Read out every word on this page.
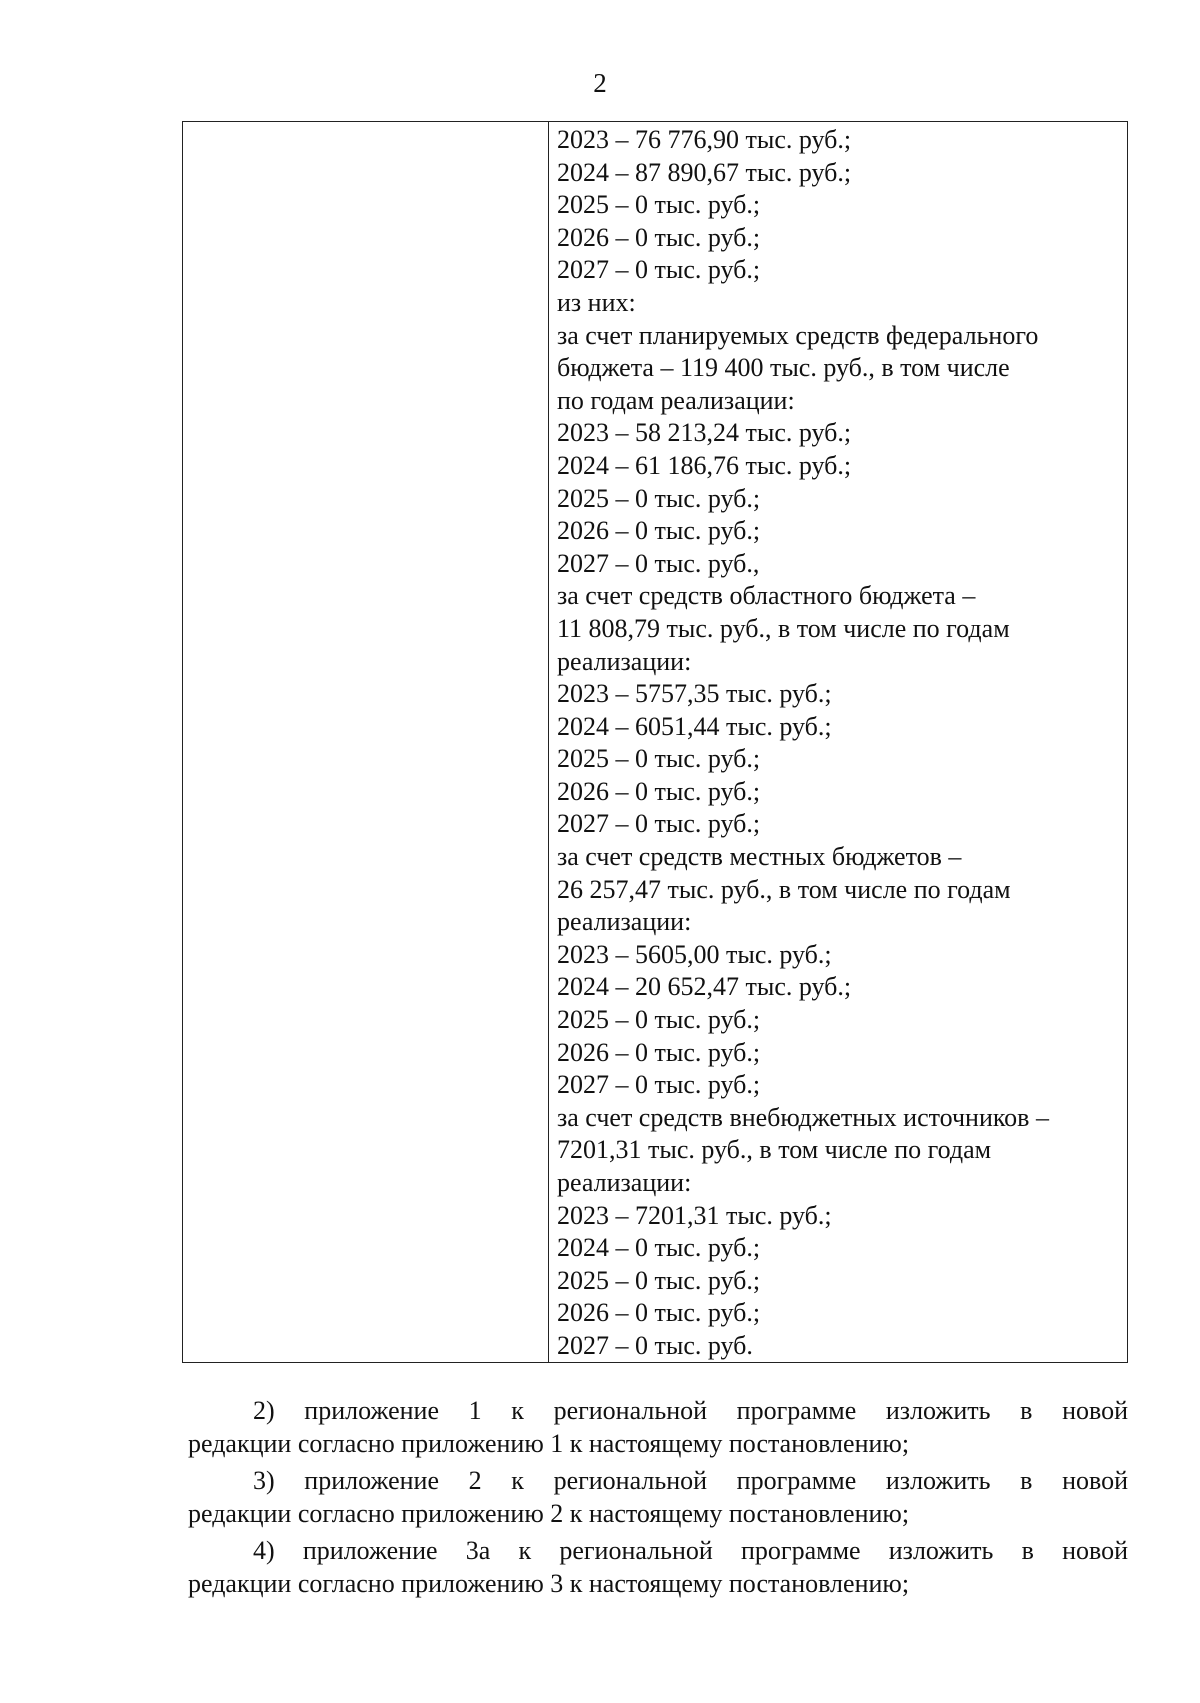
2
2023 – 76 776,90 тыс. руб.;
2024 – 87 890,67 тыс. руб.;
2025 – 0 тыс. руб.;
2026 – 0 тыс. руб.;
2027 – 0 тыс. руб.;
из них:
за счет планируемых средств федерального
бюджета – 119 400 тыс. руб., в том числе
по годам реализации:
2023 – 58 213,24 тыс. руб.;
2024 – 61 186,76 тыс. руб.;
2025 – 0 тыс. руб.;
2026 – 0 тыс. руб.;
2027 – 0 тыс. руб.,
за счет средств областного бюджета –
11 808,79 тыс. руб., в том числе по годам
реализации:
2023 – 5757,35 тыс. руб.;
2024 – 6051,44 тыс. руб.;
2025 – 0 тыс. руб.;
2026 – 0 тыс. руб.;
2027 – 0 тыс. руб.;
за счет средств местных бюджетов –
26 257,47 тыс. руб., в том числе по годам
реализации:
2023 – 5605,00 тыс. руб.;
2024 – 20 652,47 тыс. руб.;
2025 – 0 тыс. руб.;
2026 – 0 тыс. руб.;
2027 – 0 тыс. руб.;
за счет средств внебюджетных источников –
7201,31 тыс. руб., в том числе по годам
реализации:
2023 – 7201,31 тыс. руб.;
2024 – 0 тыс. руб.;
2025 – 0 тыс. руб.;
2026 – 0 тыс. руб.;
2027 – 0 тыс. руб.

2) приложение 1 к региональной программе изложить в новой
редакции согласно приложению 1 к настоящему постановлению;

3) приложение 2 к региональной программе изложить в новой
редакции согласно приложению 2 к настоящему постановлению;

4) приложение 3а к региональной программе изложить в новой
редакции согласно приложению 3 к настоящему постановлению;
